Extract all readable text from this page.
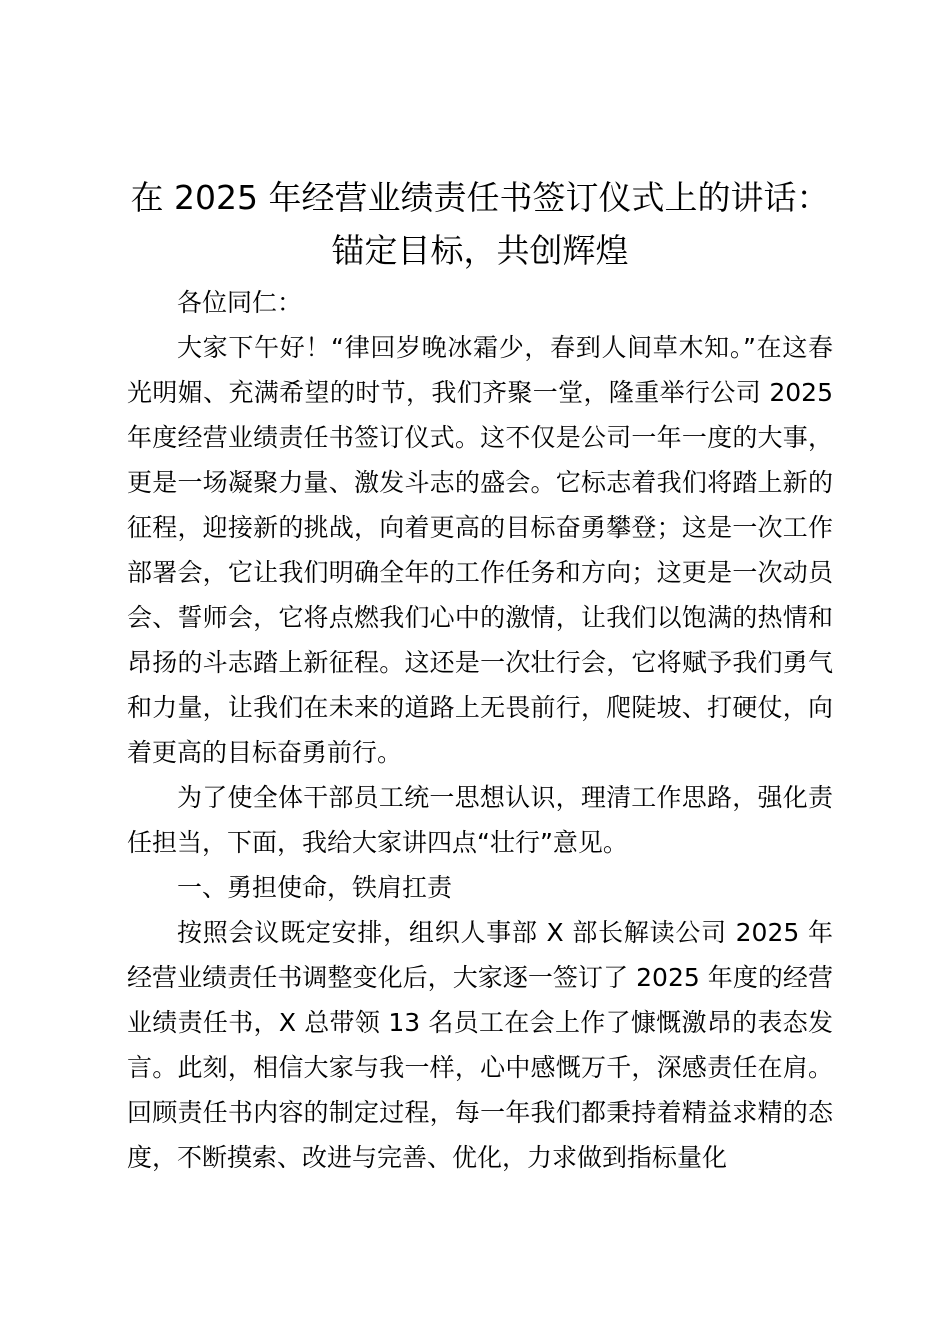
在 2025 年经营业绩责任书签订仪式上的讲话：锚定目标，共创辉煌

各位同仁：

大家下午好！“律回岁晚冰霜少，春到人间草木知。”在这春光明媚、充满希望的时节，我们齐聚一堂，隆重举行公司 2025 年度经营业绩责任书签订仪式。这不仅是公司一年一度的大事，更是一场凝聚力量、激发斗志的盛会。它标志着我们将踏上新的征程，迎接新的挑战，向着更高的目标奋勇攀登；这是一次工作部署会，它让我们明确全年的工作任务和方向；这更是一次动员会、誓师会，它将点燃我们心中的激情，让我们以饱满的热情和昂扬的斗志踏上新征程。这还是一次壮行会，它将赋予我们勇气和力量，让我们在未来的道路上无畏前行，爬陡坡、打硬仗，向着更高的目标奋勇前行。

为了使全体干部员工统一思想认识，理清工作思路，强化责任担当，下面，我给大家讲四点“壮行”意见。

一、勇担使命，铁肩扛责

按照会议既定安排，组织人事部 X 部长解读公司 2025 年经营业绩责任书调整变化后，大家逐一签订了 2025 年度的经营业绩责任书，X 总带领 13 名员工在会上作了慷慨激昂的表态发言。此刻，相信大家与我一样，心中感慨万千，深感责任在肩。回顾责任书内容的制定过程，每一年我们都秉持着精益求精的态度，不断摸索、改进与完善、优化，力求做到指标量化
